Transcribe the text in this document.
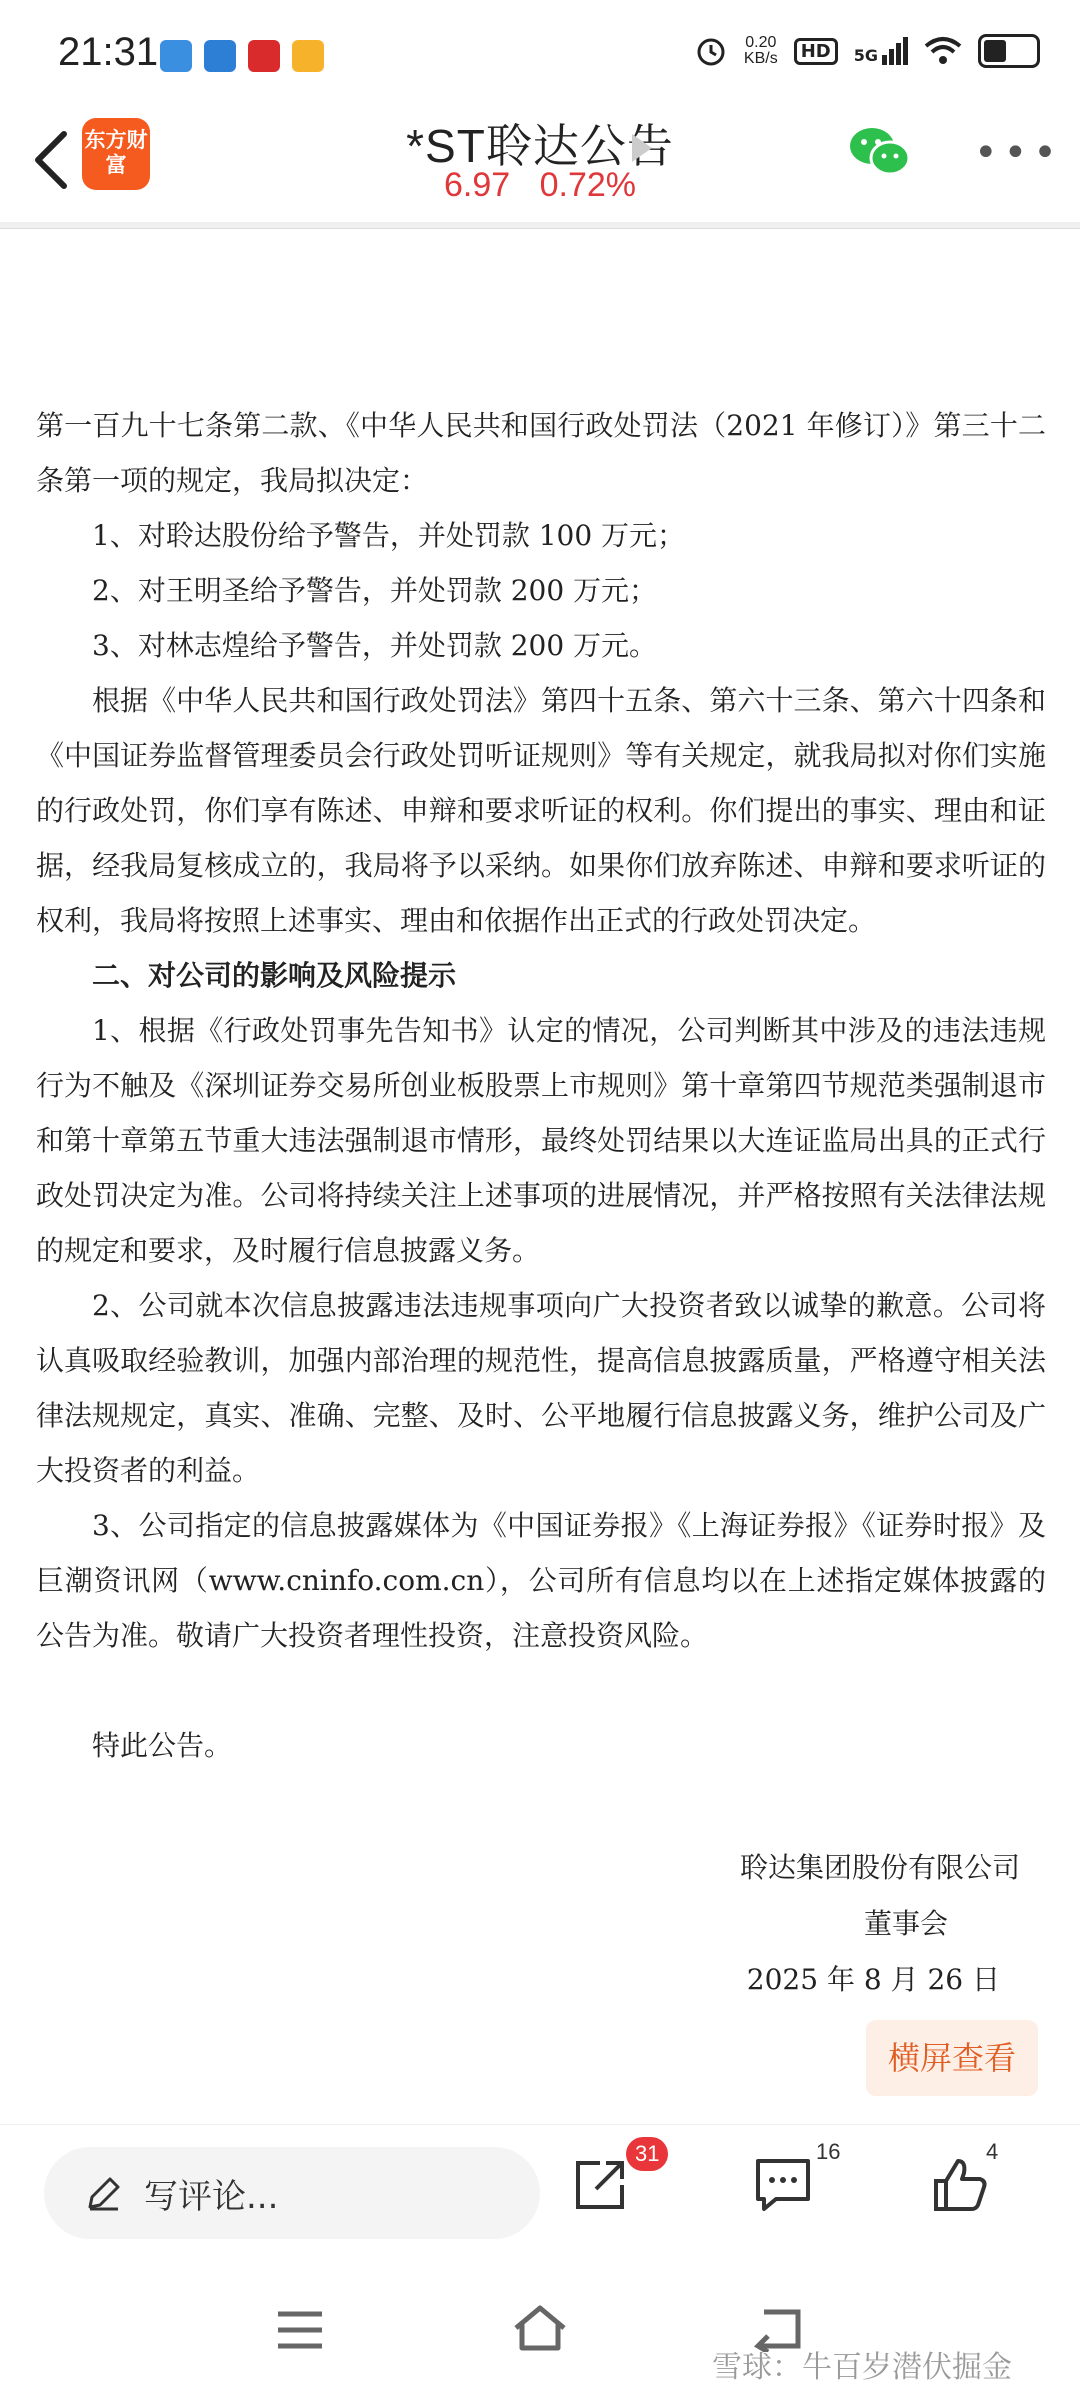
21:31	0.20
KB/s	HD	5G
东方财富	*ST聆达公告
6.97 0.72%
•••

第一百九十七条第二款、《中华人民共和国行政处罚法（2021 年修订）》第三十二条第一项的规定，我局拟决定：

1、对聆达股份给予警告，并处罚款 100 万元；

2、对王明圣给予警告，并处罚款 200 万元；

3、对林志煌给予警告，并处罚款 200 万元。

根据《中华人民共和国行政处罚法》第四十五条、第六十三条、第六十四条和《中国证券监督管理委员会行政处罚听证规则》等有关规定，就我局拟对你们实施的行政处罚，你们享有陈述、申辩和要求听证的权利。你们提出的事实、理由和证据，经我局复核成立的，我局将予以采纳。如果你们放弃陈述、申辩和要求听证的权利，我局将按照上述事实、理由和依据作出正式的行政处罚决定。

二、对公司的影响及风险提示

1、根据《行政处罚事先告知书》认定的情况，公司判断其中涉及的违法违规行为不触及《深圳证券交易所创业板股票上市规则》第十章第四节规范类强制退市和第十章第五节重大违法强制退市情形，最终处罚结果以大连证监局出具的正式行政处罚决定为准。公司将持续关注上述事项的进展情况，并严格按照有关法律法规的规定和要求，及时履行信息披露义务。

2、公司就本次信息披露违法违规事项向广大投资者致以诚挚的歉意。公司将认真吸取经验教训，加强内部治理的规范性，提高信息披露质量，严格遵守相关法律法规规定，真实、准确、完整、及时、公平地履行信息披露义务，维护公司及广大投资者的利益。

3、公司指定的信息披露媒体为《中国证券报》《上海证券报》《证券时报》及巨潮资讯网（www.cninfo.com.cn），公司所有信息均以在上述指定媒体披露的公告为准。敬请广大投资者理性投资，注意投资风险。

特此公告。

聆达集团股份有限公司
董事会
2025 年 8 月 26 日
横屏查看
写评论...
31	16	4
雪球：牛百岁潜伏掘金
